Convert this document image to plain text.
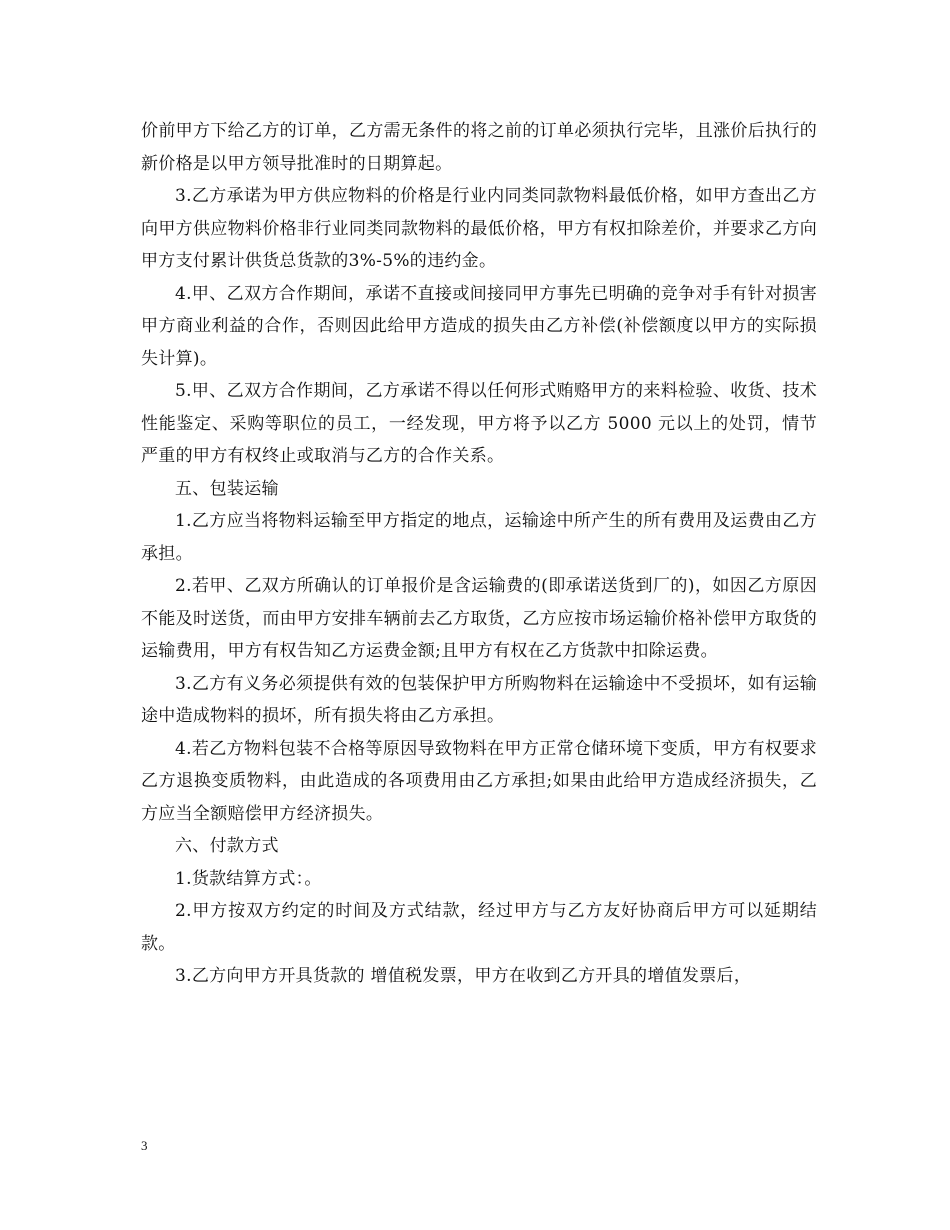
价前甲方下给乙方的订单，乙方需无条件的将之前的订单必须执行完毕，且涨价后执行的新价格是以甲方领导批准时的日期算起。

3.乙方承诺为甲方供应物料的价格是行业内同类同款物料最低价格，如甲方查出乙方向甲方供应物料价格非行业同类同款物料的最低价格，甲方有权扣除差价，并要求乙方向甲方支付累计供货总货款的3%-5%的违约金。

4.甲、乙双方合作期间，承诺不直接或间接同甲方事先已明确的竞争对手有针对损害甲方商业利益的合作，否则因此给甲方造成的损失由乙方补偿(补偿额度以甲方的实际损失计算)。

5.甲、乙双方合作期间，乙方承诺不得以任何形式贿赂甲方的来料检验、收货、技术性能鉴定、采购等职位的员工，一经发现，甲方将予以乙方 5000 元以上的处罚，情节严重的甲方有权终止或取消与乙方的合作关系。

五、包装运输

1.乙方应当将物料运输至甲方指定的地点，运输途中所产生的所有费用及运费由乙方承担。

2.若甲、乙双方所确认的订单报价是含运输费的(即承诺送货到厂的)，如因乙方原因不能及时送货，而由甲方安排车辆前去乙方取货，乙方应按市场运输价格补偿甲方取货的运输费用，甲方有权告知乙方运费金额;且甲方有权在乙方货款中扣除运费。

3.乙方有义务必须提供有效的包装保护甲方所购物料在运输途中不受损坏，如有运输途中造成物料的损坏，所有损失将由乙方承担。

4.若乙方物料包装不合格等原因导致物料在甲方正常仓储环境下变质，甲方有权要求乙方退换变质物料，由此造成的各项费用由乙方承担;如果由此给甲方造成经济损失，乙方应当全额赔偿甲方经济损失。

六、付款方式

1.货款结算方式：。

2.甲方按双方约定的时间及方式结款，经过甲方与乙方友好协商后甲方可以延期结款。

3.乙方向甲方开具货款的 增值税发票，甲方在收到乙方开具的增值发票后，

3
